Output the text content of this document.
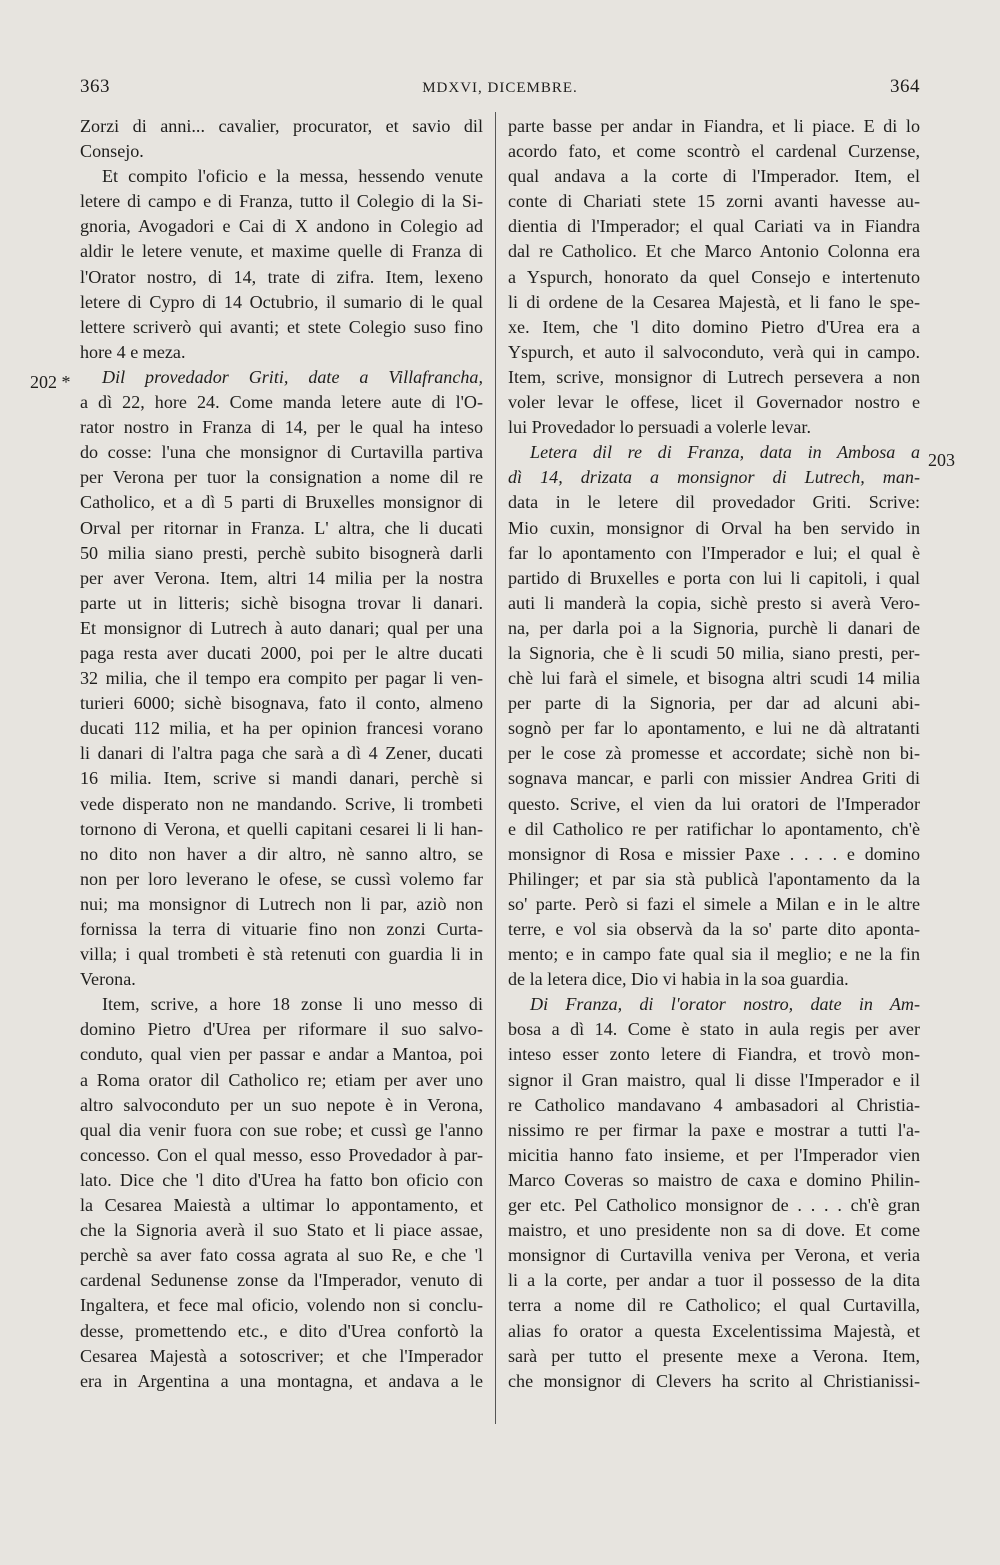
363	MDXVI, DICEMBRE.	364
202 *
203
Zorzi di anni... cavalier, procurator, et savio dil
Consejo.
Et compito l'oficio e la messa, hessendo venute
letere di campo e di Franza, tutto il Colegio di la Si-
gnoria, Avogadori e Cai di X andono in Colegio ad
aldir le letere venute, et maxime quelle di Franza di
l'Orator nostro, di 14, trate di zifra. Item, lexeno
letere di Cypro di 14 Octubrio, il sumario di le qual
lettere scriverò qui avanti; et stete Colegio suso fino
hore 4 e meza.
Dil provedador Griti, date a Villafrancha,
a dì 22, hore 24. Come manda letere aute di l'O-
rator nostro in Franza di 14, per le qual ha inteso
do cosse: l'una che monsignor di Curtavilla partiva
per Verona per tuor la consignation a nome dil re
Catholico, et a dì 5 parti di Bruxelles monsignor di
Orval per ritornar in Franza. L' altra, che li ducati
50 milia siano presti, perchè subito bisognerà darli
per aver Verona. Item, altri 14 milia per la nostra
parte ut in litteris; sichè bisogna trovar li danari.
Et monsignor di Lutrech à auto danari; qual per una
paga resta aver ducati 2000, poi per le altre ducati
32 milia, che il tempo era compito per pagar li ven-
turieri 6000; sichè bisognava, fato il conto, almeno
ducati 112 milia, et ha per opinion francesi vorano
li danari di l'altra paga che sarà a dì 4 Zener, ducati
16 milia. Item, scrive si mandi danari, perchè si
vede disperato non ne mandando. Scrive, li trombeti
tornono di Verona, et quelli capitani cesarei li li han-
no dito non haver a dir altro, nè sanno altro, se
non per loro leverano le ofese, se cussì volemo far
nui; ma monsignor di Lutrech non li par, aziò non
fornissa la terra di vituarie fino non zonzi Curta-
villa; i qual trombeti è stà retenuti con guardia li in
Verona.
Item, scrive, a hore 18 zonse li uno messo di
domino Pietro d'Urea per riformare il suo salvo-
conduto, qual vien per passar e andar a Mantoa, poi
a Roma orator dil Catholico re; etiam per aver uno
altro salvoconduto per un suo nepote è in Verona,
qual dia venir fuora con sue robe; et cussì ge l'anno
concesso. Con el qual messo, esso Provedador à par-
lato. Dice che 'l dito d'Urea ha fatto bon oficio con
la Cesarea Maiestà a ultimar lo appontamento, et
che la Signoria averà il suo Stato et li piace assae,
perchè sa aver fato cossa agrata al suo Re, e che 'l
cardenal Sedunense zonse da l'Imperador, venuto di
Ingaltera, et fece mal oficio, volendo non si conclu-
desse, promettendo etc., e dito d'Urea confortò la
Cesarea Majestà a sotoscriver; et che l'Imperador
era in Argentina a una montagna, et andava a le
parte basse per andar in Fiandra, et li piace. E di lo
acordo fato, et come scontrò el cardenal Curzense,
qual andava a la corte di l'Imperador. Item, el
conte di Chariati stete 15 zorni avanti havesse au-
dientia di l'Imperador; el qual Cariati va in Fiandra
dal re Catholico. Et che Marco Antonio Colonna era
a Yspurch, honorato da quel Consejo e intertenuto
li di ordene de la Cesarea Majestà, et li fano le spe-
xe. Item, che 'l dito domino Pietro d'Urea era a
Yspurch, et auto il salvoconduto, verà qui in campo.
Item, scrive, monsignor di Lutrech persevera a non
voler levar le offese, licet il Governador nostro e
lui Provedador lo persuadi a volerle levar.
Letera dil re di Franza, data in Ambosa a
dì 14, drizata a monsignor di Lutrech, man-
data in le letere dil provedador Griti. Scrive:
Mio cuxin, monsignor di Orval ha ben servido in
far lo apontamento con l'Imperador e lui; el qual è
partido di Bruxelles e porta con lui li capitoli, i qual
auti li manderà la copia, sichè presto si averà Vero-
na, per darla poi a la Signoria, purchè li danari de
la Signoria, che è li scudi 50 milia, siano presti, per-
chè lui farà el simele, et bisogna altri scudi 14 milia
per parte di la Signoria, per dar ad alcuni abi-
sognò per far lo apontamento, e lui ne dà altratanti
per le cose zà promesse et accordate; sichè non bi-
sognava mancar, e parli con missier Andrea Griti di
questo. Scrive, el vien da lui oratori de l'Imperador
e dil Catholico re per ratifichar lo apontamento, ch'è
monsignor di Rosa e missier Paxe . . . . e domino
Philinger; et par sia stà publicà l'apontamento da la
so' parte. Però si fazi el simele a Milan e in le altre
terre, e vol sia observà da la so' parte dito aponta-
mento; e in campo fate qual sia il meglio; e ne la fin
de la letera dice, Dio vi habia in la soa guardia.
Di Franza, di l'orator nostro, date in Am-
bosa a dì 14. Come è stato in aula regis per aver
inteso esser zonto letere di Fiandra, et trovò mon-
signor il Gran maistro, qual li disse l'Imperador e il
re Catholico mandavano 4 ambasadori al Christia-
nissimo re per firmar la paxe e mostrar a tutti l'a-
micitia hanno fato insieme, et per l'Imperador vien
Marco Coveras so maistro de caxa e domino Philin-
ger etc. Pel Catholico monsignor de . . . . ch'è gran
maistro, et uno presidente non sa di dove. Et come
monsignor di Curtavilla veniva per Verona, et veria
li a la corte, per andar a tuor il possesso de la dita
terra a nome dil re Catholico; el qual Curtavilla,
alias fo orator a questa Excelentissima Majestà, et
sarà per tutto el presente mexe a Verona. Item,
che monsignor di Clevers ha scrito al Christianissi-
